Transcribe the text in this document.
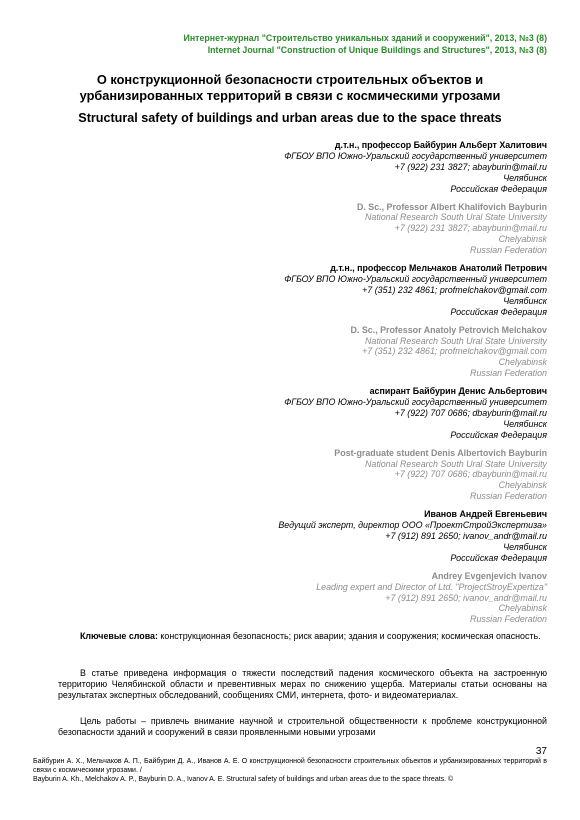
Интернет-журнал "Строительство уникальных зданий и сооружений", 2013, №3 (8)
Internet Journal "Construction of Unique Buildings and Structures", 2013, №3 (8)
О конструкционной безопасности строительных объектов и урбанизированных территорий в связи с космическими угрозами
Structural safety of buildings and urban areas due to the space threats
д.т.н., профессор Байбурин Альберт Халитович
ФГБОУ ВПО Южно-Уральский государственный университет
+7 (922) 231 3827; abayburin@mail.ru
Челябинск
Российская Федерация
D. Sc., Professor Albert Khalifovich Bayburin
National Research South Ural State University
+7 (922) 231 3827; abayburin@mail.ru
Chelyabinsk
Russian Federation
д.т.н., профессор Мельчаков Анатолий Петрович
ФГБОУ ВПО Южно-Уральский государственный университет
+7 (351) 232 4861; profmelchakov@gmail.com
Челябинск
Российская Федерация
D. Sc., Professor Anatoly Petrovich Melchakov
National Research South Ural State University
+7 (351) 232 4861; profmelchakov@gmail.com
Chelyabinsk
Russian Federation
аспирант Байбурин Денис Альбертович
ФГБОУ ВПО Южно-Уральский государственный университет
+7 (922) 707 0686; dbayburin@mail.ru
Челябинск
Российская Федерация
Post-graduate student Denis Albertovich Bayburin
National Research South Ural State University
+7 (922) 707 0686; dbayburin@mail.ru
Chelyabinsk
Russian Federation
Иванов Андрей Евгеньевич
Ведущий эксперт, директор ООО «ПроектСтройЭкспертиза»
+7 (912) 891 2650; ivanov_andr@mail.ru
Челябинск
Российская Федерация
Andrey Evgenjevich Ivanov
Leading expert and Director of Ltd. "ProjectStroyExpertiza"
+7 (912) 891 2650; ivanov_andr@mail.ru
Chelyabinsk
Russian Federation
Ключевые слова: конструкционная безопасность; риск аварии; здания и сооружения; космическая опасность.
В статье приведена информация о тяжести последствий падения космического объекта на застроенную территорию Челябинской области и превентивных мерах по снижению ущерба. Материалы статьи основаны на результатах экспертных обследований, сообщениях СМИ, интернета, фото- и видеоматериалах.
Цель работы – привлечь внимание научной и строительной общественности к проблеме конструкционной безопасности зданий и сооружений в связи проявленными новыми угрозами
37
Байбурин А. Х., Мельчаков А. П., Байбурин Д. А., Иванов А. Е. О конструкционной безопасности строительных объектов и урбанизированных территорий в связи с космическими угрозами. /
Bayburin A. Kh., Melchakov A. P., Bayburin D. A., Ivanov A. E. Structural safety of buildings and urban areas due to the space threats. ©
